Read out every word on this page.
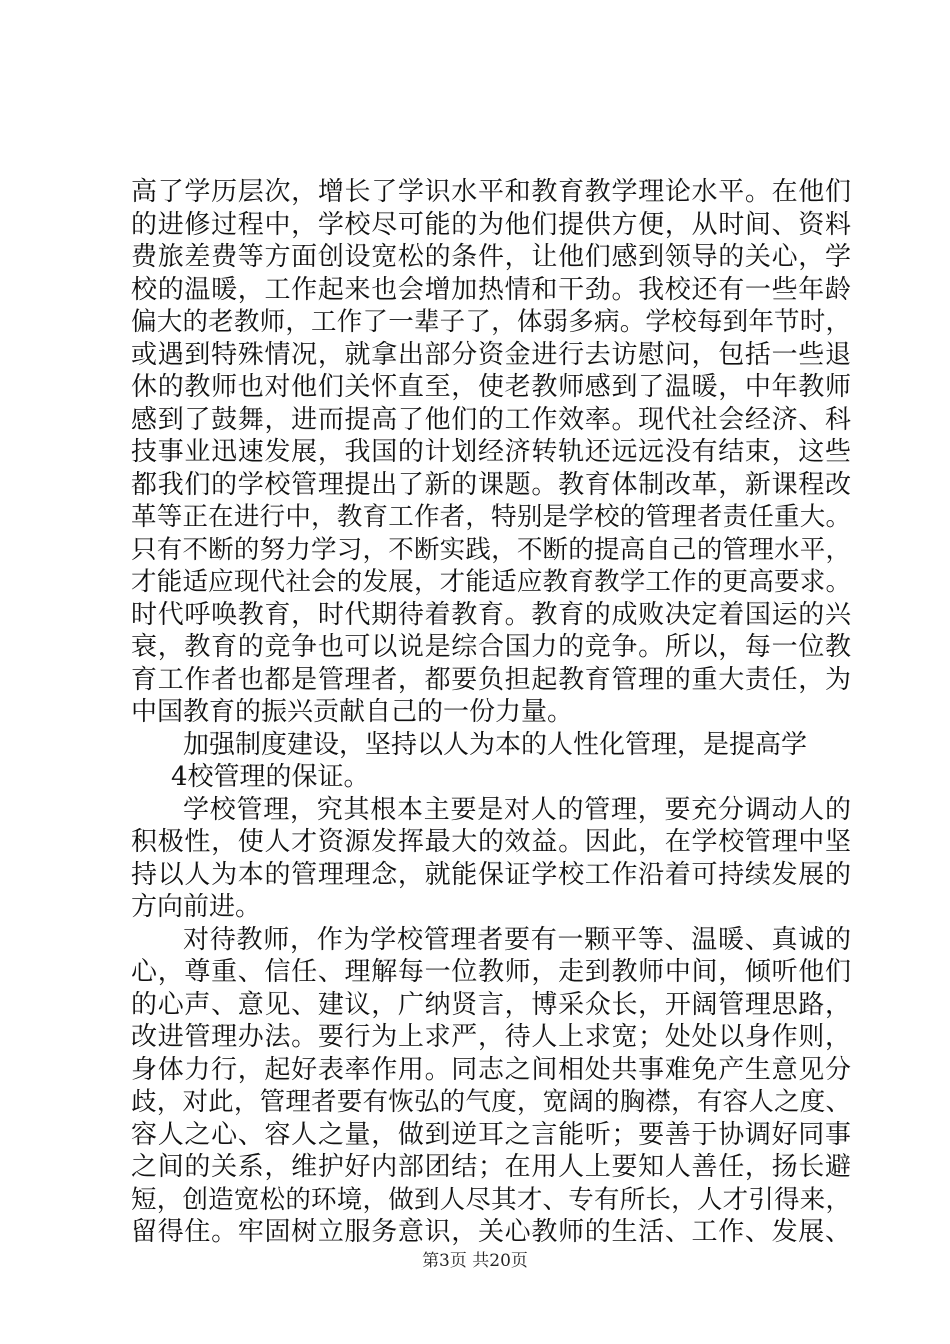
高了学历层次，增长了学识水平和教育教学理论水平。在他们
的进修过程中，学校尽可能的为他们提供方便，从时间、资料
费旅差费等方面创设宽松的条件，让他们感到领导的关心，学
校的温暖，工作起来也会增加热情和干劲。我校还有一些年龄
偏大的老教师，工作了一辈子了，体弱多病。学校每到年节时，
或遇到特殊情况，就拿出部分资金进行去访慰问，包括一些退
休的教师也对他们关怀直至，使老教师感到了温暖，中年教师
感到了鼓舞，进而提高了他们的工作效率。现代社会经济、科
技事业迅速发展，我国的计划经济转轨还远远没有结束，这些
都我们的学校管理提出了新的课题。教育体制改革，新课程改
革等正在进行中，教育工作者，特别是学校的管理者责任重大。
只有不断的努力学习，不断实践，不断的提高自己的管理水平，
才能适应现代社会的发展，才能适应教育教学工作的更高要求。
时代呼唤教育，时代期待着教育。教育的成败决定着国运的兴
衰，教育的竞争也可以说是综合国力的竞争。所以，每一位教
育工作者也都是管理者，都要负担起教育管理的重大责任，为
中国教育的振兴贡献自己的一份力量。
加强制度建设，坚持以人为本的人性化管理，是提高学
4校管理的保证。
学校管理，究其根本主要是对人的管理，要充分调动人的
积极性，使人才资源发挥最大的效益。因此，在学校管理中坚
持以人为本的管理理念，就能保证学校工作沿着可持续发展的
方向前进。
对待教师，作为学校管理者要有一颗平等、温暖、真诚的
心，尊重、信任、理解每一位教师，走到教师中间，倾听他们
的心声、意见、建议，广纳贤言，博采众长，开阔管理思路，
改进管理办法。要行为上求严，待人上求宽；处处以身作则，
身体力行，起好表率作用。同志之间相处共事难免产生意见分
歧，对此，管理者要有恢弘的气度，宽阔的胸襟，有容人之度、
容人之心、容人之量，做到逆耳之言能听；要善于协调好同事
之间的关系，维护好内部团结；在用人上要知人善任，扬长避
短，创造宽松的环境，做到人尽其才、专有所长，人才引得来，
留得住。牢固树立服务意识，关心教师的生活、工作、发展、
第3页 共20页
